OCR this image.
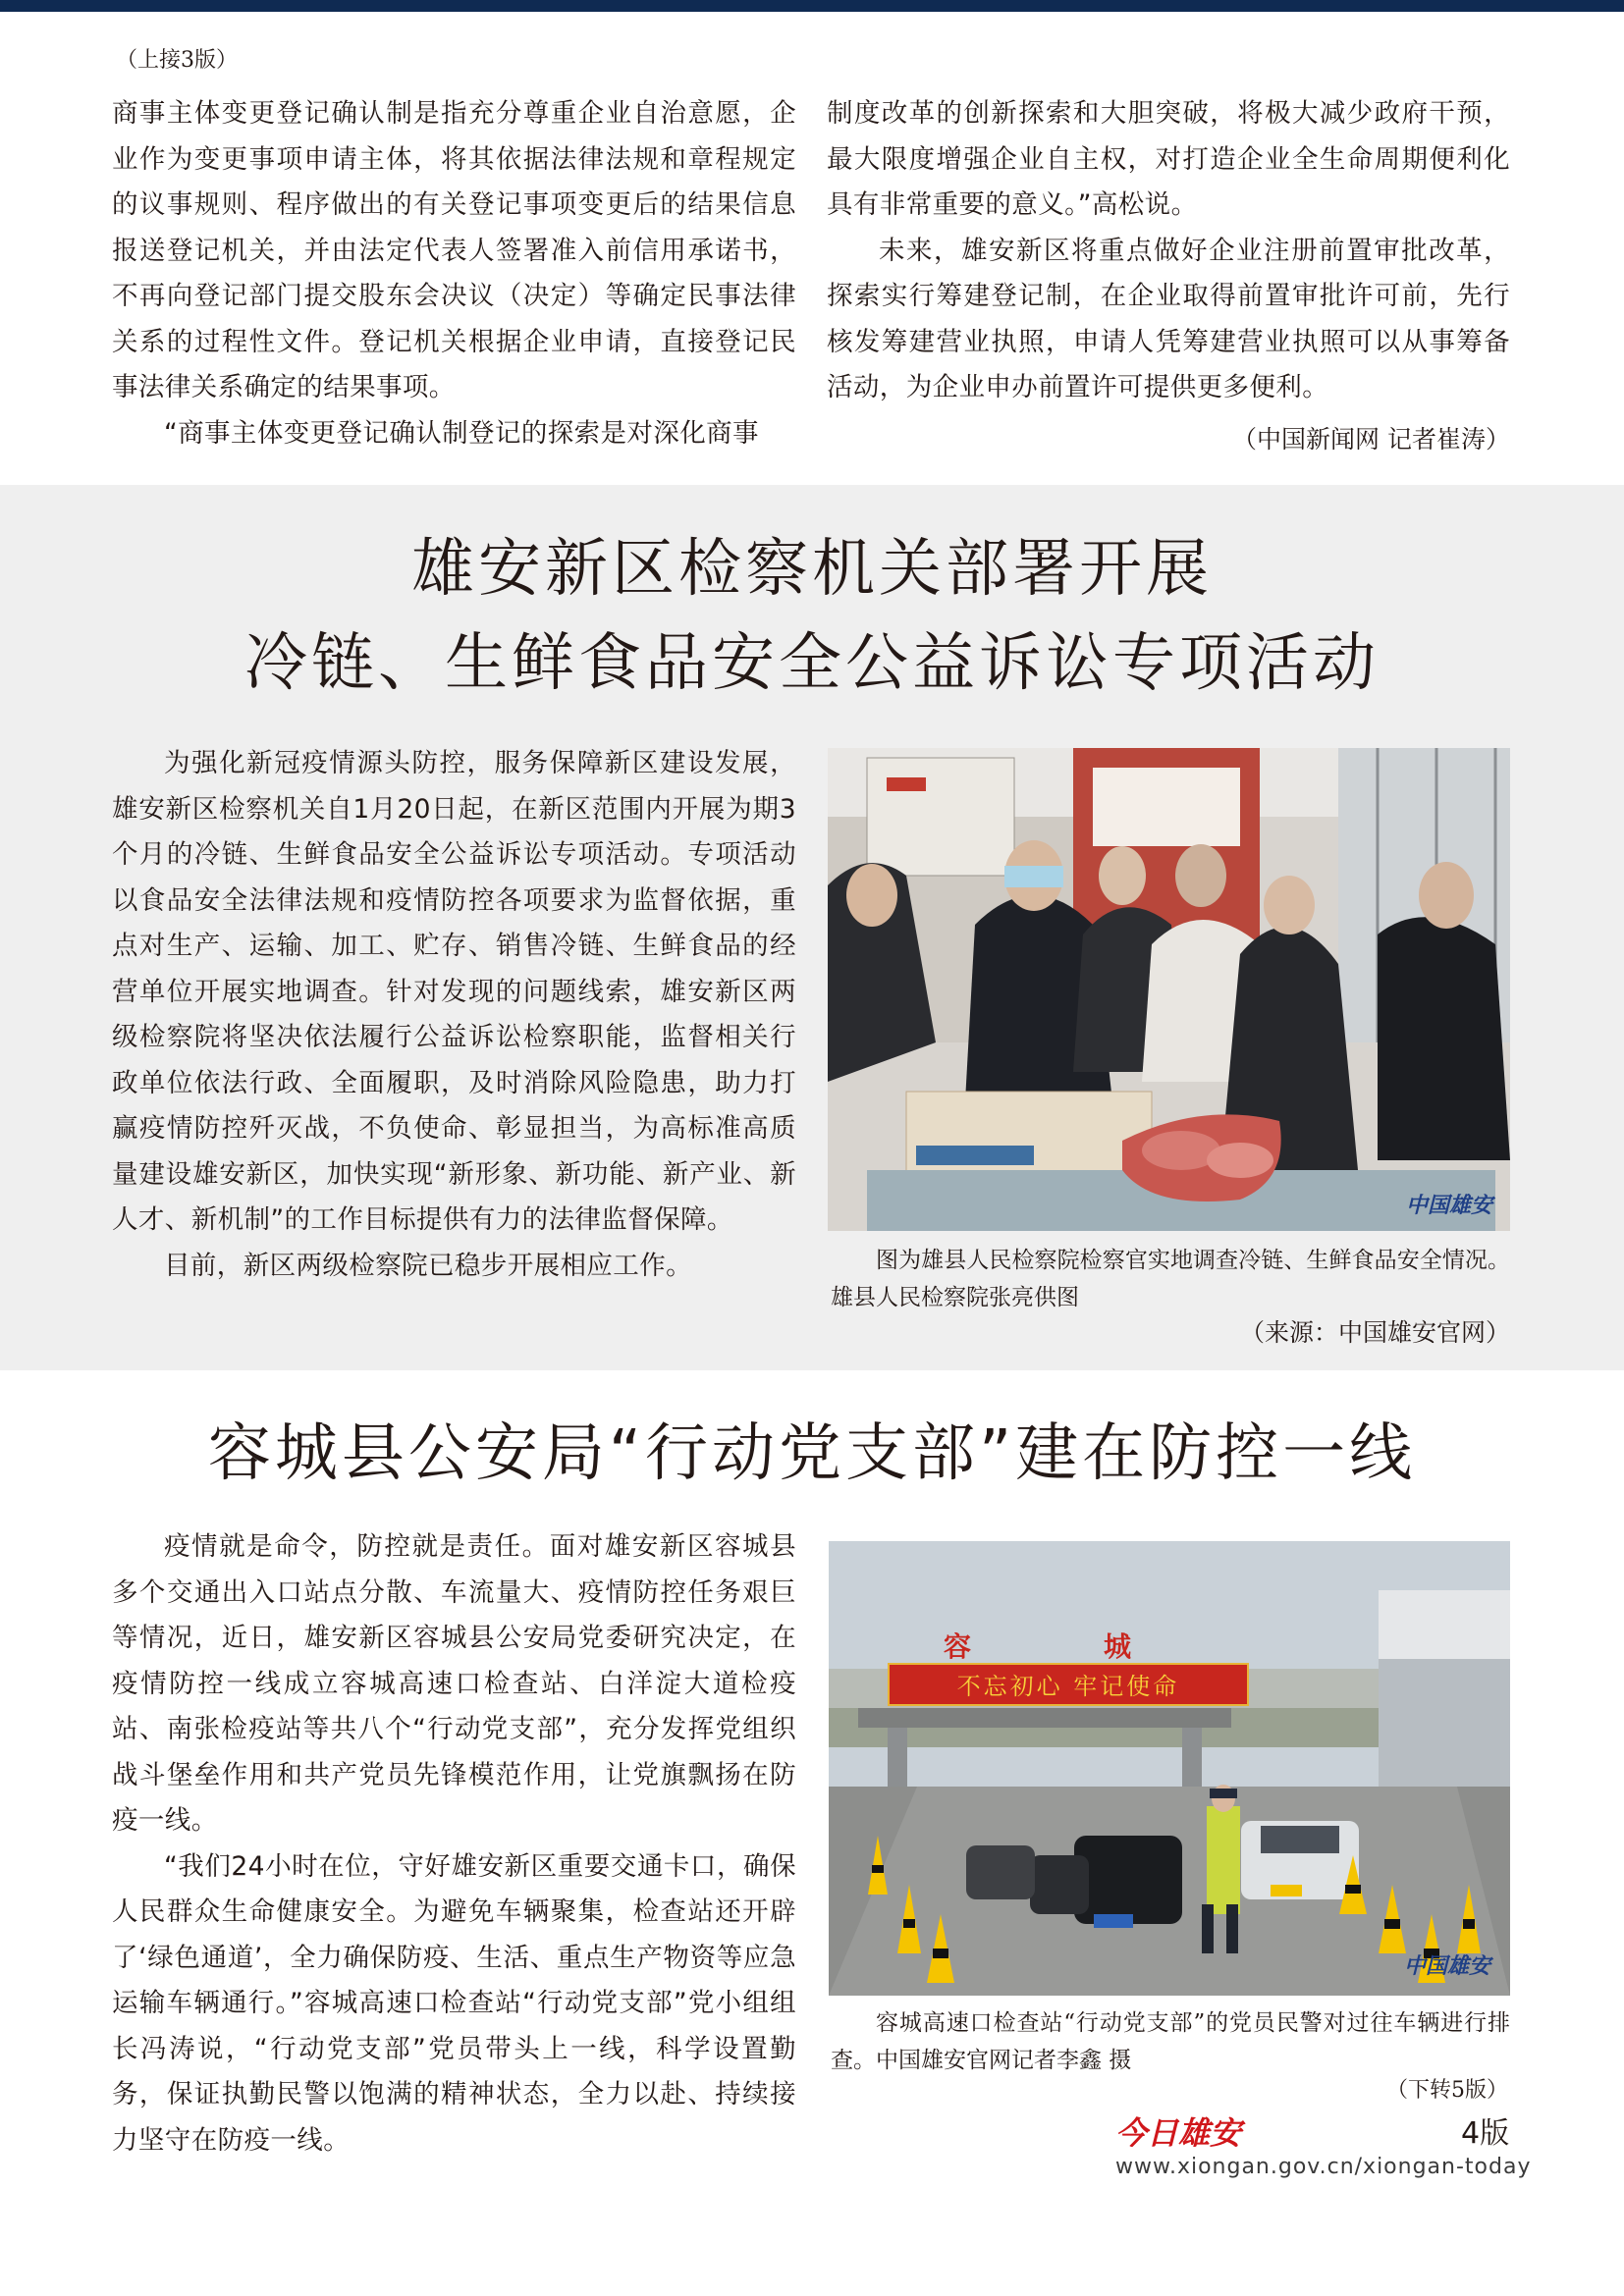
（上接3版）

商事主体变更登记确认制是指充分尊重企业自治意愿，企业作为变更事项申请主体，将其依据法律法规和章程规定的议事规则、程序做出的有关登记事项变更后的结果信息报送登记机关，并由法定代表人签署准入前信用承诺书，不再向登记部门提交股东会决议（决定）等确定民事法律关系的过程性文件。登记机关根据企业申请，直接登记民事法律关系确定的结果事项。

“商事主体变更登记确认制登记的探索是对深化商事

制度改革的创新探索和大胆突破，将极大减少政府干预，最大限度增强企业自主权，对打造企业全生命周期便利化具有非常重要的意义。”高松说。

未来，雄安新区将重点做好企业注册前置审批改革，探索实行筹建登记制，在企业取得前置审批许可前，先行核发筹建营业执照，申请人凭筹建营业执照可以从事筹备活动，为企业申办前置许可提供更多便利。

（中国新闻网 记者崔涛）
雄安新区检察机关部署开展
冷链、生鲜食品安全公益诉讼专项活动

为强化新冠疫情源头防控，服务保障新区建设发展，雄安新区检察机关自1月20日起，在新区范围内开展为期3个月的冷链、生鲜食品安全公益诉讼专项活动。专项活动以食品安全法律法规和疫情防控各项要求为监督依据，重点对生产、运输、加工、贮存、销售冷链、生鲜食品的经营单位开展实地调查。针对发现的问题线索，雄安新区两级检察院将坚决依法履行公益诉讼检察职能，监督相关行政单位依法行政、全面履职，及时消除风险隐患，助力打赢疫情防控歼灭战，不负使命、彰显担当，为高标准高质量建设雄安新区，加快实现“新形象、新功能、新产业、新人才、新机制”的工作目标提供有力的法律监督保障。

目前，新区两级检察院已稳步开展相应工作。

中国雄安
图为雄县人民检察院检察官实地调查冷链、生鲜食品安全情况。雄县人民检察院张亮供图
（来源：中国雄安官网）
容城县公安局“行动党支部”建在防控一线

疫情就是命令，防控就是责任。面对雄安新区容城县多个交通出入口站点分散、车流量大、疫情防控任务艰巨等情况，近日，雄安新区容城县公安局党委研究决定，在疫情防控一线成立容城高速口检查站、白洋淀大道检疫站、南张检疫站等共八个“行动党支部”，充分发挥党组织战斗堡垒作用和共产党员先锋模范作用，让党旗飘扬在防疫一线。

“我们24小时在位，守好雄安新区重要交通卡口，确保人民群众生命健康安全。为避免车辆聚集，检查站还开辟了‘绿色通道’，全力确保防疫、生活、重点生产物资等应急运输车辆通行。”容城高速口检查站“行动党支部”党小组组长冯涛说，“行动党支部”党员带头上一线，科学设置勤务，保证执勤民警以饱满的精神状态，全力以赴、持续接力坚守在防疫一线。

不忘初心 牢记使命
容	城
中国雄安
容城高速口检查站“行动党支部”的党员民警对过往车辆进行排查。中国雄安官网记者李鑫 摄
（下转5版）
今日雄安	4版
www.xiongan.gov.cn/xiongan-today
